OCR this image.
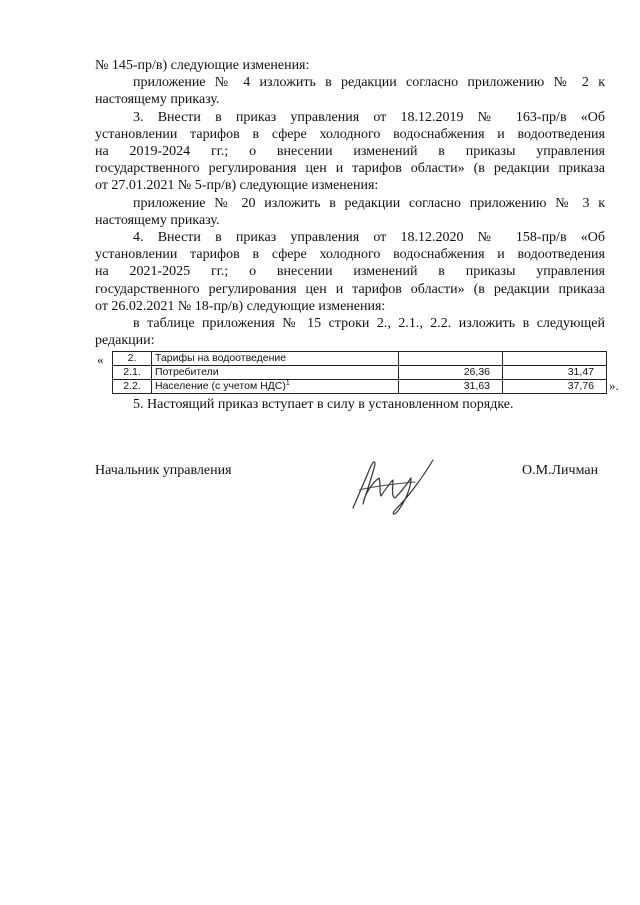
№ 145-пр/в) следующие изменения:
приложение № 4 изложить в редакции согласно приложению № 2 к
настоящему приказу.
3. Внести в приказ управления от 18.12.2019 № 163-пр/в «Об
установлении тарифов в сфере холодного водоснабжения и водоотведения
на 2019-2024 гг.; о внесении изменений в приказы управления
государственного регулирования цен и тарифов области» (в редакции приказа
от 27.01.2021 № 5-пр/в) следующие изменения:
приложение № 20 изложить в редакции согласно приложению № 3 к
настоящему приказу.
4. Внести в приказ управления от 18.12.2020 № 158-пр/в «Об
установлении тарифов в сфере холодного водоснабжения и водоотведения
на 2021-2025 гг.; о внесении изменений в приказы управления
государственного регулирования цен и тарифов области» (в редакции приказа
от 26.02.2021 № 18-пр/в) следующие изменения:
в таблице приложения № 15 строки 2., 2.1., 2.2. изложить в следующей
редакции:
« 2.	Тарифы на водоотведение		
2.1.	Потребители	26,36	31,47
2.2.	Население (с учетом НДС)$^1$	31,63	37,76 ».
5. Настоящий приказ вступает в силу в установленном порядке.
Начальник управления	О.М.Личман
